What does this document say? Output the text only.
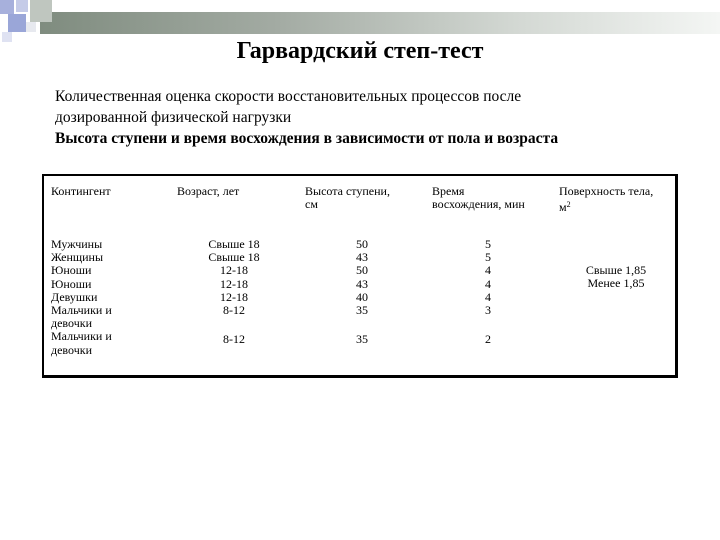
Гарвардский степ-тест
Количественная оценка скорости восстановительных процессов после
дозированной физической нагрузки
Высота ступени и время восхождения в зависимости от пола и возраста
Контингент	Возраст, лет	Высота ступени,
см
Время
восхождения, мин
Поверхность тела,
$м^2$
Мужчины
Женщины
Юноши
Юноши
Девушки
Мальчики и
девочки
Мальчики и
девочки
Свыше 18
Свыше 18
12-18
12-18
12-18
8-12
8-12
50
43
50
43
40
35
35
5
5
4
4
4
3
2
Свыше 1,85
Менее 1,85
